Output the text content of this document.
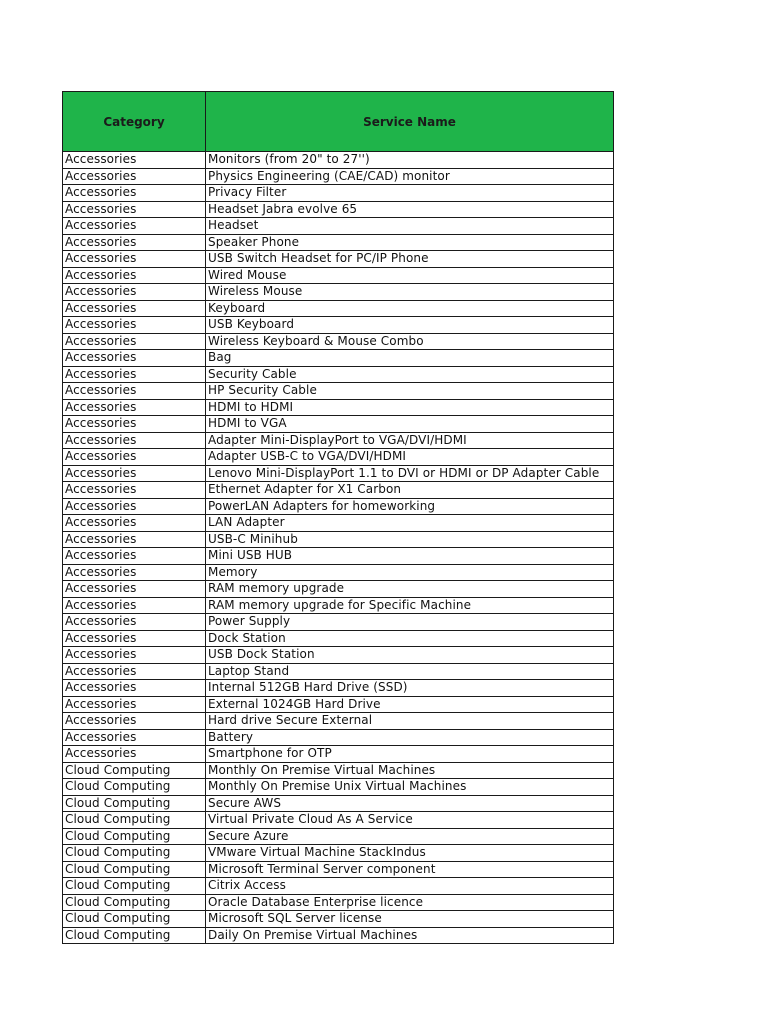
Category	Service Name
Accessories	Monitors (from 20" to 27'')
Accessories	Physics Engineering (CAE/CAD) monitor
Accessories	Privacy Filter
Accessories	Headset Jabra evolve 65
Accessories	Headset
Accessories	Speaker Phone
Accessories	USB Switch Headset for PC/IP Phone
Accessories	Wired Mouse
Accessories	Wireless Mouse
Accessories	Keyboard
Accessories	USB Keyboard
Accessories	Wireless Keyboard & Mouse Combo
Accessories	Bag
Accessories	Security Cable
Accessories	HP Security Cable
Accessories	HDMI to HDMI
Accessories	HDMI to VGA
Accessories	Adapter Mini-DisplayPort to VGA/DVI/HDMI
Accessories	Adapter USB-C to VGA/DVI/HDMI
Accessories	Lenovo Mini-DisplayPort 1.1 to DVI or HDMI or DP Adapter Cable
Accessories	Ethernet Adapter for X1 Carbon
Accessories	PowerLAN Adapters for homeworking
Accessories	LAN Adapter
Accessories	USB-C Minihub
Accessories	Mini USB HUB
Accessories	Memory
Accessories	RAM memory upgrade
Accessories	RAM memory upgrade for Specific Machine
Accessories	Power Supply
Accessories	Dock Station
Accessories	USB Dock Station
Accessories	Laptop Stand
Accessories	Internal 512GB Hard Drive (SSD)
Accessories	External 1024GB Hard Drive
Accessories	Hard drive Secure External
Accessories	Battery
Accessories	Smartphone for OTP
Cloud Computing	Monthly On Premise Virtual Machines
Cloud Computing	Monthly On Premise Unix Virtual Machines
Cloud Computing	Secure AWS
Cloud Computing	Virtual Private Cloud As A Service
Cloud Computing	Secure Azure
Cloud Computing	VMware Virtual Machine StackIndus
Cloud Computing	Microsoft Terminal Server component
Cloud Computing	Citrix Access
Cloud Computing	Oracle Database Enterprise licence
Cloud Computing	Microsoft SQL Server license
Cloud Computing	Daily On Premise Virtual Machines
